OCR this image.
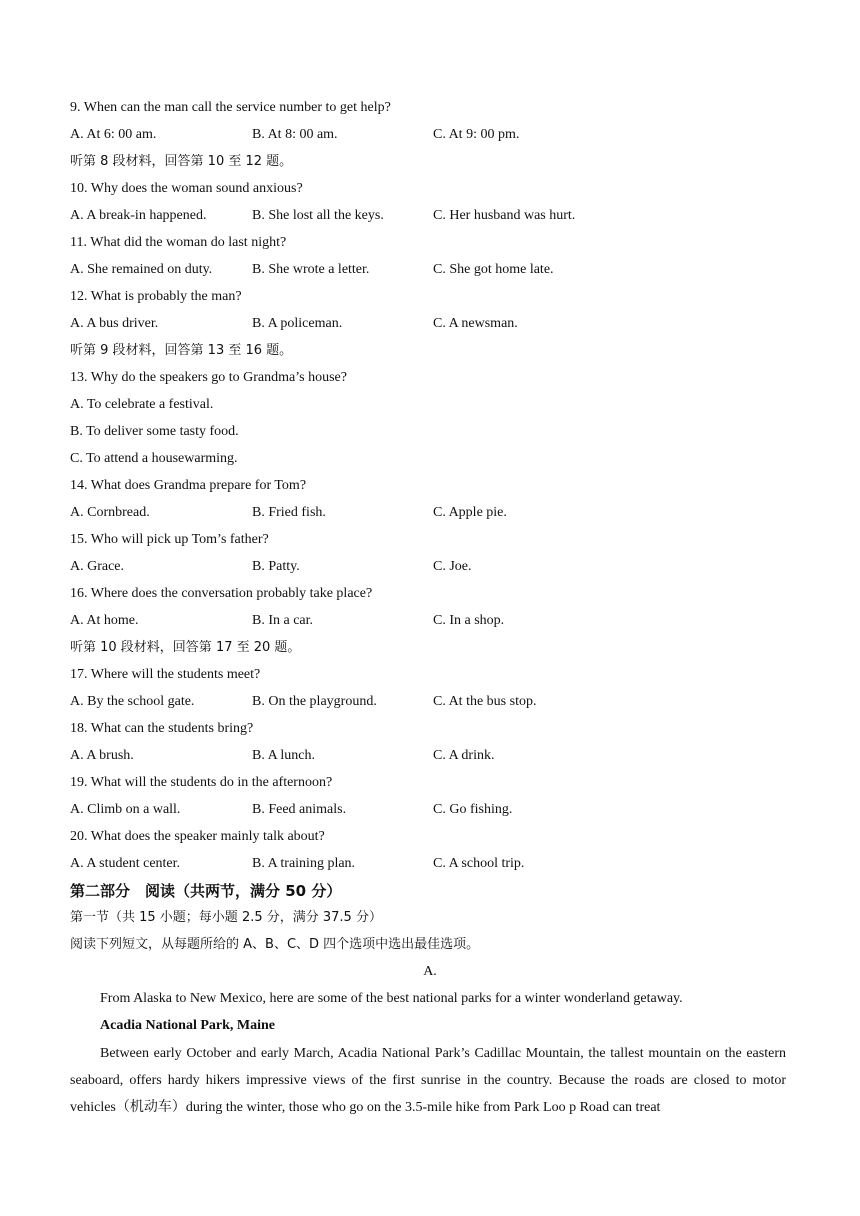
9. When can the man call the service number to get help?
A. At 6: 00 am.	B. At 8: 00 am.	C. At 9: 00 pm.
听第 8 段材料，回答第 10 至 12 题。
10. Why does the woman sound anxious?
A. A break-in happened.	B. She lost all the keys.	C. Her husband was hurt.
11. What did the woman do last night?
A. She remained on duty.	B. She wrote a letter.	C. She got home late.
12. What is probably the man?
A. A bus driver.	B. A policeman.	C. A newsman.
听第 9 段材料，回答第 13 至 16 题。
13. Why do the speakers go to Grandma’s house?
A. To celebrate a festival.
B. To deliver some tasty food.
C. To attend a housewarming.
14. What does Grandma prepare for Tom?
A. Cornbread.	B. Fried fish.	C. Apple pie.
15. Who will pick up Tom’s father?
A. Grace.	B. Patty.	C. Joe.
16. Where does the conversation probably take place?
A. At home.	B. In a car.	C. In a shop.
听第 10 段材料，回答第 17 至 20 题。
17. Where will the students meet?
A. By the school gate.	B. On the playground.	C. At the bus stop.
18. What can the students bring?
A. A brush.	B. A lunch.	C. A drink.
19. What will the students do in the afternoon?
A. Climb on a wall.	B. Feed animals.	C. Go fishing.
20. What does the speaker mainly talk about?
A. A student center.	B. A training plan.	C. A school trip.
第二部分　阅读（共两节，满分 50 分）
第一节（共 15 小题；每小题 2.5 分，满分 37.5 分）
阅读下列短文，从每题所给的 A、B、C、D 四个选项中选出最佳选项。
A.
From Alaska to New Mexico, here are some of the best national parks for a winter wonderland getaway.
Acadia National Park, Maine
Between early October and early March, Acadia National Park’s Cadillac Mountain, the tallest mountain on the eastern seaboard, offers hardy hikers impressive views of the first sunrise in the country. Because the roads are closed to motor vehicles（机动车）during the winter, those who go on the 3.5-mile hike from Park Loo p Road can treat
